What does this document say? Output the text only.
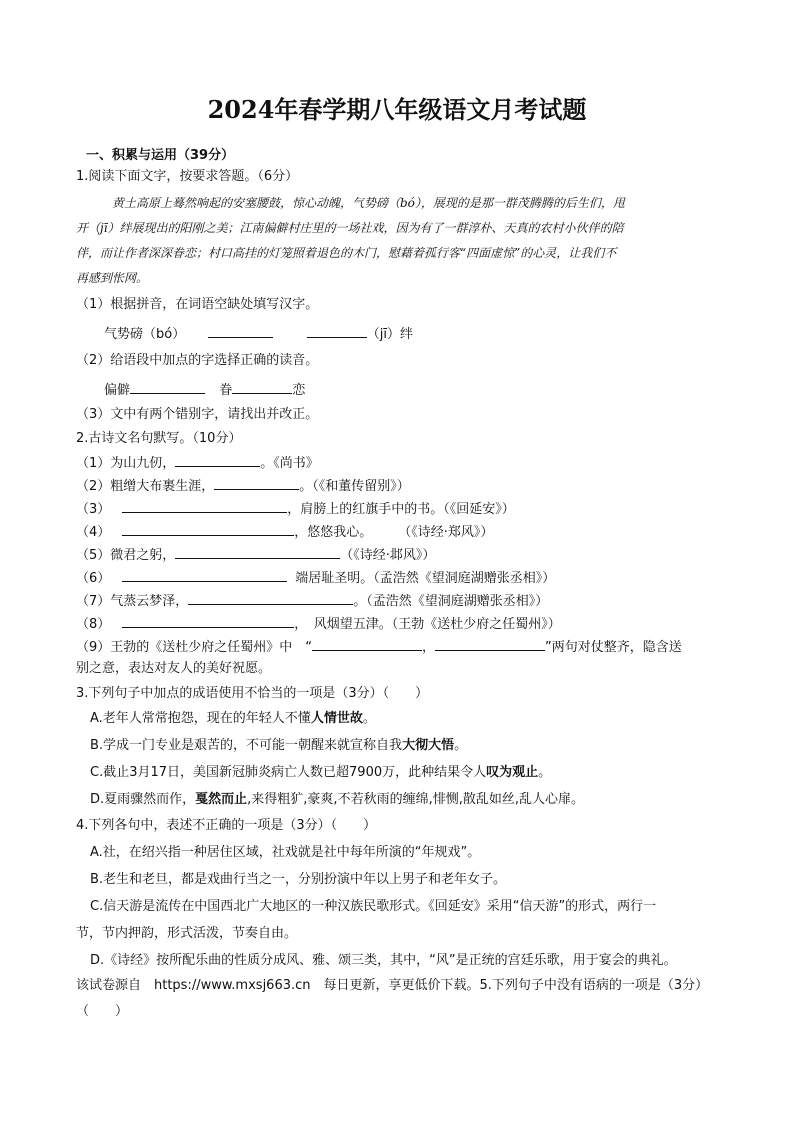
2024年春学期八年级语文月考试题
一、积累与运用（39分）
1.阅读下面文字，按要求答题。（6分）
　黄土高原上蓦然响起的安塞腰鼓，惊心动魄，气势磅（bó），展现的是那一群茂腾腾的后生们，甩
开（jī）绊展现出的阳刚之美；江南偏僻村庄里的一场社戏，因为有了一群淳朴、天真的农村小伙伴的陪
伴，而让作者深深眷恋；村口高挂的灯笼照着退色的木门，慰藉着孤行客“四面虚惊”的心灵，让我们不
再感到怅网。
（1）根据拼音，在词语空缺处填写汉字。
气势磅（bó）	（jī）绊
（2）给语段中加点的字选择正确的读音。
偏僻	眷	恋
（3）文中有两个错别字，请找出并改正。
2.古诗文名句默写。（10分）
（1）为山九仞，	。《尚书》
（2）粗缯大布裹生涯，	。（《和董传留别》）
（3）	，肩膀上的红旗手中的书。（《回延安》）
（4）	，悠悠我心。　　　（《诗经·郑风》）
（5）微君之躬，	（《诗经·邶风》）
（6）	端居耻圣明。（孟浩然《望洞庭湖赠张丞相》）
（7）气蒸云梦泽，	。（孟浩然《望洞庭湖赠张丞相》）
（8）	，　风烟望五津。（王勃《送杜少府之任蜀州》）
（9）王勃的《送杜少府之任蜀州》中　“	，	”两句对仗整齐，隐含送
别之意，表达对友人的美好祝愿。
3.下列句子中加点的成语使用不恰当的一项是（3分）（　　）
A.老年人常常抱怨，现在的年轻人不懂人情世故。
B.学成一门专业是艰苦的，不可能一朝醒来就宣称自我大彻大悟。
C.截止3月17日，美国新冠肺炎病亡人数已超7900万，此种结果令人叹为观止。
D.夏雨骤然而作，戛然而止,来得粗犷,豪爽,不若秋雨的缠绵,悱恻,散乱如丝,乱人心扉。
4.下列各句中，表述不正确的一项是（3分）（　　）
A.社，在绍兴指一种居住区域，社戏就是社中每年所演的“年规戏”。
B.老生和老旦，都是戏曲行当之一，分别扮演中年以上男子和老年女子。
C.信天游是流传在中国西北广大地区的一种汉族民歌形式。《回延安》采用“信天游”的形式，两行一
节，节内押韵，形式活泼，节奏自由。
D.《诗经》按所配乐曲的性质分成风、雅、颂三类，其中，“风”是正统的宫廷乐歌，用于宴会的典礼。
该试卷源自　https://www.mxsj663.cn　每日更新，享更低价下载。5.下列句子中没有语病的一项是（3分）
（　　）
